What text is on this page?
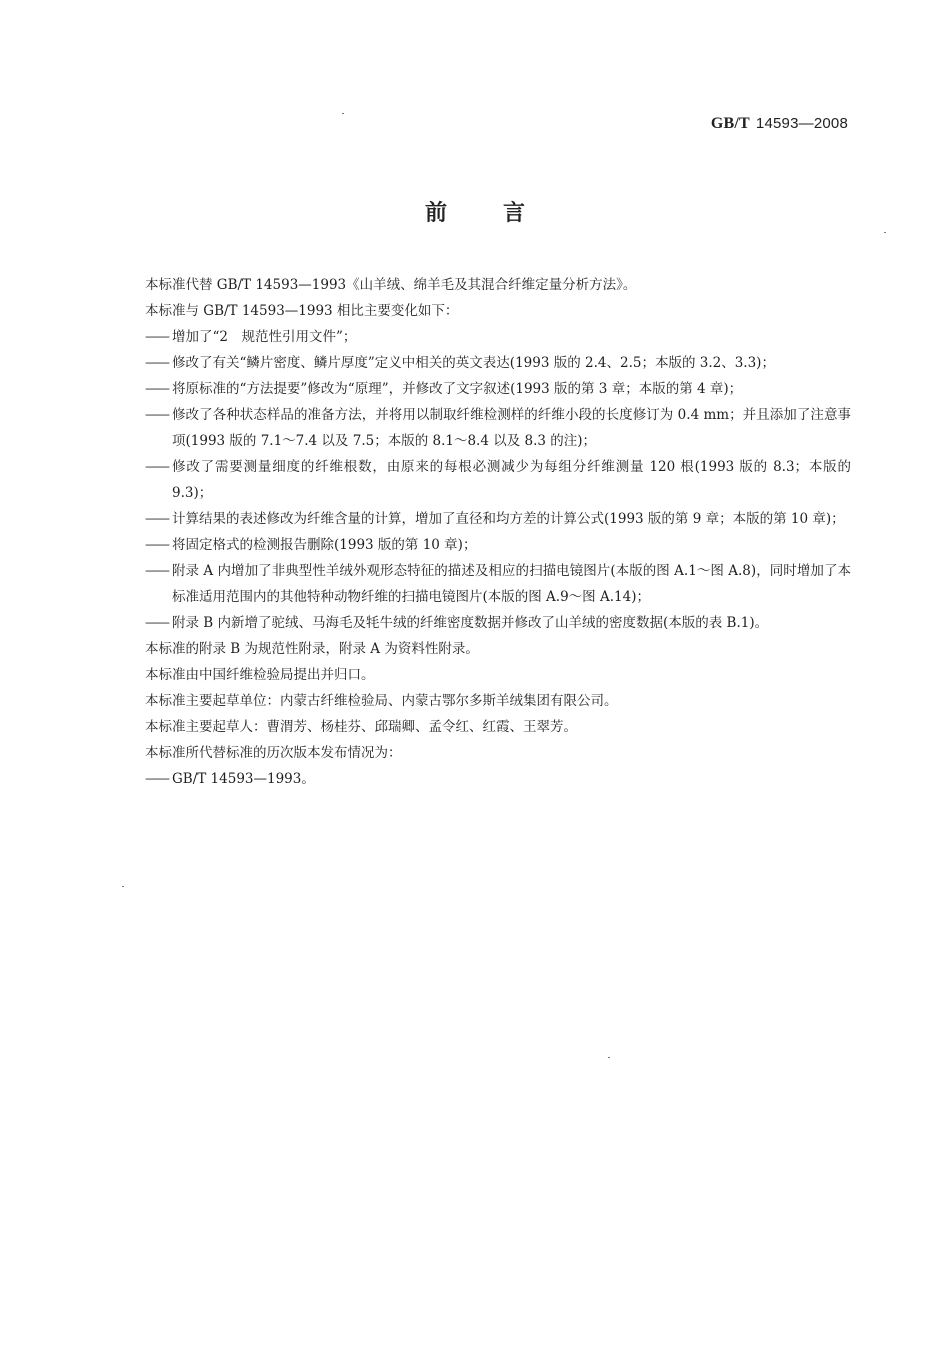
GB/T 14593—2008
前	言

本标准代替 GB/T 14593—1993《山羊绒、绵羊毛及其混合纤维定量分析方法》。

本标准与 GB/T 14593—1993 相比主要变化如下：

—— 增加了“2　规范性引用文件”；

—— 修改了有关“鳞片密度、鳞片厚度”定义中相关的英文表达(1993 版的 2.4、2.5；本版的 3.2、3.3)；

—— 将原标准的“方法提要”修改为“原理”，并修改了文字叙述(1993 版的第 3 章；本版的第 4 章)；

—— 修改了各种状态样品的准备方法，并将用以制取纤维检测样的纤维小段的长度修订为 0.4 mm；并且添加了注意事项(1993 版的 7.1～7.4 以及 7.5；本版的 8.1～8.4 以及 8.3 的注)；

—— 修改了需要测量细度的纤维根数，由原来的每根必测减少为每组分纤维测量 120 根(1993 版的 8.3；本版的 9.3)；

—— 计算结果的表述修改为纤维含量的计算，增加了直径和均方差的计算公式(1993 版的第 9 章；本版的第 10 章)；

—— 将固定格式的检测报告删除(1993 版的第 10 章)；

—— 附录 A 内增加了非典型性羊绒外观形态特征的描述及相应的扫描电镜图片(本版的图 A.1～图 A.8)，同时增加了本标准适用范围内的其他特种动物纤维的扫描电镜图片(本版的图 A.9～图 A.14)；

—— 附录 B 内新增了驼绒、马海毛及牦牛绒的纤维密度数据并修改了山羊绒的密度数据(本版的表 B.1)。

本标准的附录 B 为规范性附录，附录 A 为资料性附录。

本标准由中国纤维检验局提出并归口。

本标准主要起草单位：内蒙古纤维检验局、内蒙古鄂尔多斯羊绒集团有限公司。

本标准主要起草人：曹渭芳、杨桂芬、邱瑞卿、孟令红、红霞、王翠芳。

本标准所代替标准的历次版本发布情况为：

—— GB/T 14593—1993。
